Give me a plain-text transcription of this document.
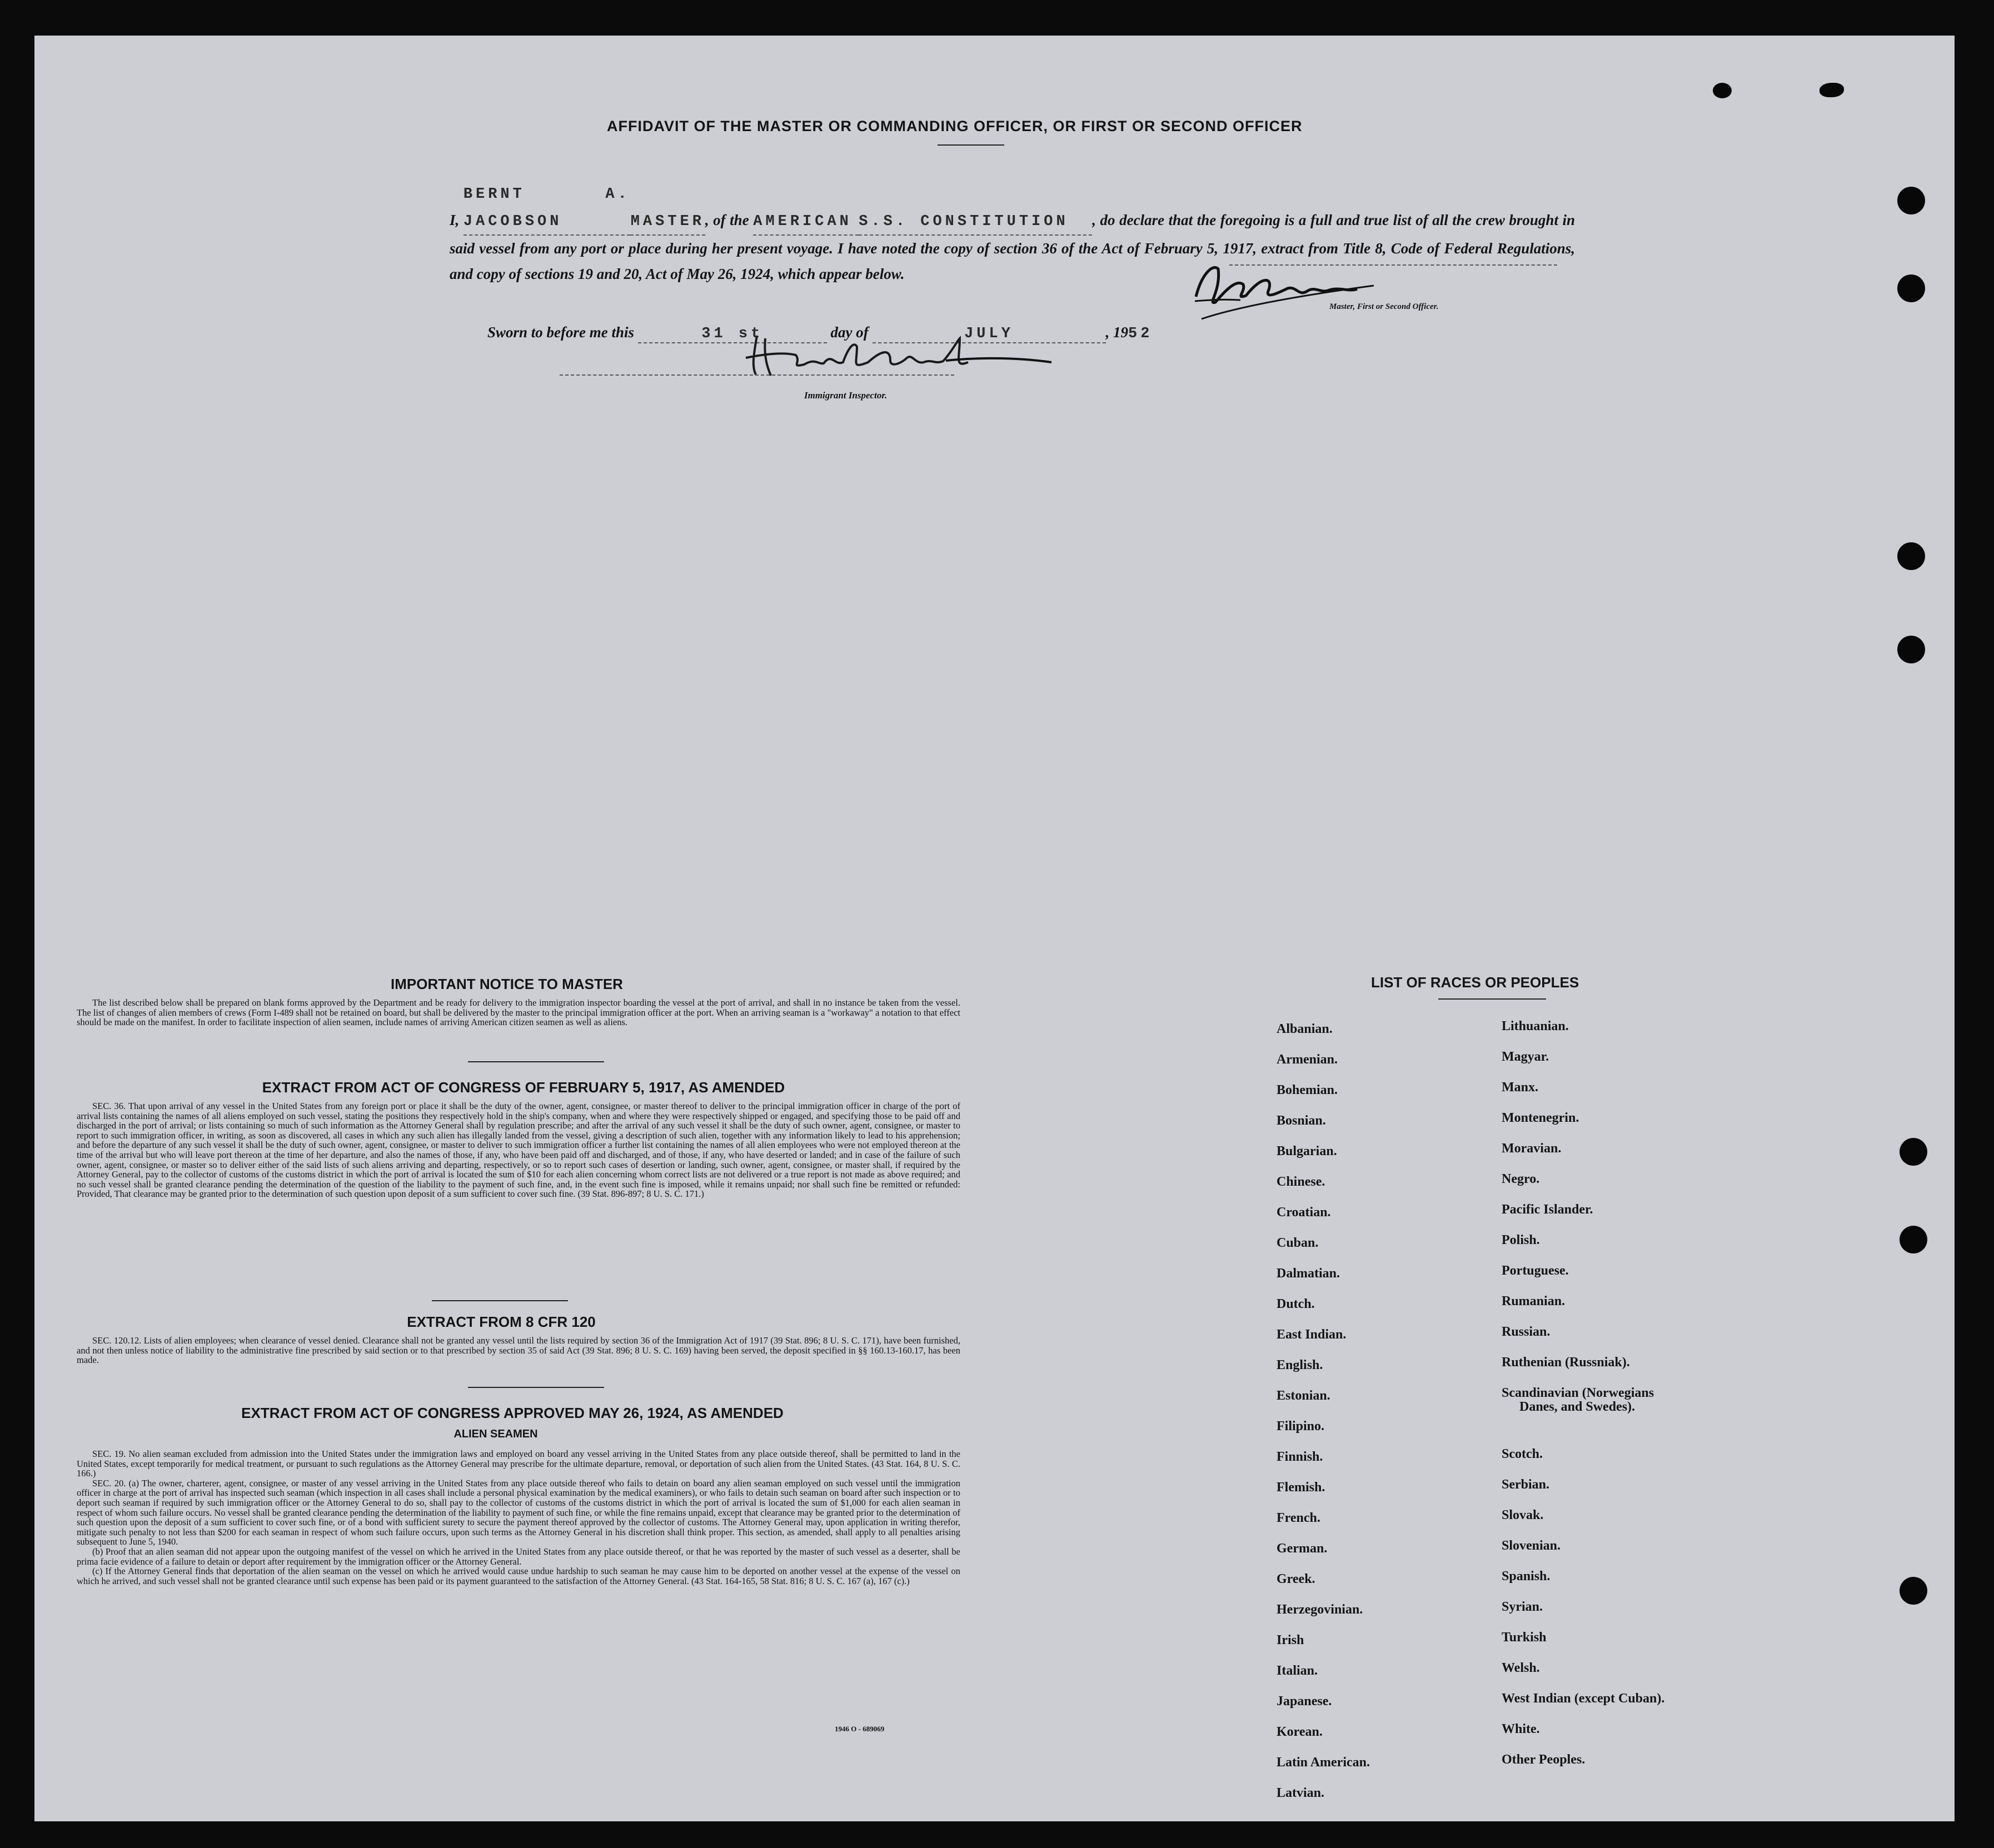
AFFIDAVIT OF THE MASTER OR COMMANDING OFFICER, OR FIRST OR SECOND OFFICER
I, BERNT A. JACOBSON	MASTER, of the AMERICAN S.S. CONSTITUTION , do declare that the foregoing is a full and true list of all the crew brought in said vessel from any port or place during her present voyage. I have noted the copy of section 36 of the Act of February 5, 1917, extract from Title 8, Code of Federal Regulations, and copy of sections 19 and 20, Act of May 26, 1924, which appear below.
Master, First or Second Officer.
Sworn to before me this	31 st	day of	JULY	, 1952
Immigrant Inspector.
IMPORTANT NOTICE TO MASTER

The list described below shall be prepared on blank forms approved by the Department and be ready for delivery to the immigration inspector boarding the vessel at the port of arrival, and shall in no instance be taken from the vessel. The list of changes of alien members of crews (Form I-489 shall not be retained on board, but shall be delivered by the master to the principal immigration officer at the port. When an arriving seaman is a "workaway" a notation to that effect should be made on the manifest. In order to facilitate inspection of alien seamen, include names of arriving American citizen seamen as well as aliens.

EXTRACT FROM ACT OF CONGRESS OF FEBRUARY 5, 1917, AS AMENDED

SEC. 36. That upon arrival of any vessel in the United States from any foreign port or place it shall be the duty of the owner, agent, consignee, or master thereof to deliver to the principal immigration officer in charge of the port of arrival lists containing the names of all aliens employed on such vessel, stating the positions they respectively hold in the ship's company, when and where they were respectively shipped or engaged, and specifying those to be paid off and discharged in the port of arrival; or lists containing so much of such information as the Attorney General shall by regulation prescribe; and after the arrival of any such vessel it shall be the duty of such owner, agent, consignee, or master to report to such immigration officer, in writing, as soon as discovered, all cases in which any such alien has illegally landed from the vessel, giving a description of such alien, together with any information likely to lead to his apprehension; and before the departure of any such vessel it shall be the duty of such owner, agent, consignee, or master to deliver to such immigration officer a further list containing the names of all alien employees who were not employed thereon at the time of the arrival but who will leave port thereon at the time of her departure, and also the names of those, if any, who have been paid off and discharged, and of those, if any, who have deserted or landed; and in case of the failure of such owner, agent, consignee, or master so to deliver either of the said lists of such aliens arriving and departing, respectively, or so to report such cases of desertion or landing, such owner, agent, consignee, or master shall, if required by the Attorney General, pay to the collector of customs of the customs district in which the port of arrival is located the sum of $10 for each alien concerning whom correct lists are not delivered or a true report is not made as above required; and no such vessel shall be granted clearance pending the determination of the question of the liability to the payment of such fine, and, in the event such fine is imposed, while it remains unpaid; nor shall such fine be remitted or refunded: Provided, That clearance may be granted prior to the determination of such question upon deposit of a sum sufficient to cover such fine. (39 Stat. 896-897; 8 U. S. C. 171.)

EXTRACT FROM 8 CFR 120

SEC. 120.12. Lists of alien employees; when clearance of vessel denied. Clearance shall not be granted any vessel until the lists required by section 36 of the Immigration Act of 1917 (39 Stat. 896; 8 U. S. C. 171), have been furnished, and not then unless notice of liability to the administrative fine prescribed by said section or to that prescribed by section 35 of said Act (39 Stat. 896; 8 U. S. C. 169) having been served, the deposit specified in §§ 160.13-160.17, has been made.

EXTRACT FROM ACT OF CONGRESS APPROVED MAY 26, 1924, AS AMENDED
ALIEN SEAMEN

SEC. 19. No alien seaman excluded from admission into the United States under the immigration laws and employed on board any vessel arriving in the United States from any place outside thereof, shall be permitted to land in the United States, except temporarily for medical treatment, or pursuant to such regulations as the Attorney General may prescribe for the ultimate departure, removal, or deportation of such alien from the United States. (43 Stat. 164, 8 U. S. C. 166.)

SEC. 20. (a) The owner, charterer, agent, consignee, or master of any vessel arriving in the United States from any place outside thereof who fails to detain on board any alien seaman employed on such vessel until the immigration officer in charge at the port of arrival has inspected such seaman (which inspection in all cases shall include a personal physical examination by the medical examiners), or who fails to detain such seaman on board after such inspection or to deport such seaman if required by such immigration officer or the Attorney General to do so, shall pay to the collector of customs of the customs district in which the port of arrival is located the sum of $1,000 for each alien seaman in respect of whom such failure occurs. No vessel shall be granted clearance pending the determination of the liability to payment of such fine, or while the fine remains unpaid, except that clearance may be granted prior to the determination of such question upon the deposit of a sum sufficient to cover such fine, or of a bond with sufficient surety to secure the payment thereof approved by the collector of customs. The Attorney General may, upon application in writing therefor, mitigate such penalty to not less than $200 for each seaman in respect of whom such failure occurs, upon such terms as the Attorney General in his discretion shall think proper. This section, as amended, shall apply to all penalties arising subsequent to June 5, 1940.

(b) Proof that an alien seaman did not appear upon the outgoing manifest of the vessel on which he arrived in the United States from any place outside thereof, or that he was reported by the master of such vessel as a deserter, shall be prima facie evidence of a failure to detain or deport after requirement by the immigration officer or the Attorney General.

(c) If the Attorney General finds that deportation of the alien seaman on the vessel on which he arrived would cause undue hardship to such seaman he may cause him to be deported on another vessel at the expense of the vessel on which he arrived, and such vessel shall not be granted clearance until such expense has been paid or its payment guaranteed to the satisfaction of the Attorney General. (43 Stat. 164-165, 58 Stat. 816; 8 U. S. C. 167 (a), 167 (c).)

1946 O - 689069
LIST OF RACES OR PEOPLES
Albanian.
Armenian.
Bohemian.
Bosnian.
Bulgarian.
Chinese.
Croatian.
Cuban.
Dalmatian.
Dutch.
East Indian.
English.
Estonian.
Filipino.
Finnish.
Flemish.
French.
German.
Greek.
Herzegovinian.
Irish
Italian.
Japanese.
Korean.
Latin American.
Latvian.
Lithuanian.
Magyar.
Manx.
Montenegrin.
Moravian.
Negro.
Pacific Islander.
Polish.
Portuguese.
Rumanian.
Russian.
Ruthenian (Russniak).
Scandinavian (Norwegians
Danes, and Swedes).
Scotch.
Serbian.
Slovak.
Slovenian.
Spanish.
Syrian.
Turkish
Welsh.
West Indian (except Cuban).
White.
Other Peoples.
